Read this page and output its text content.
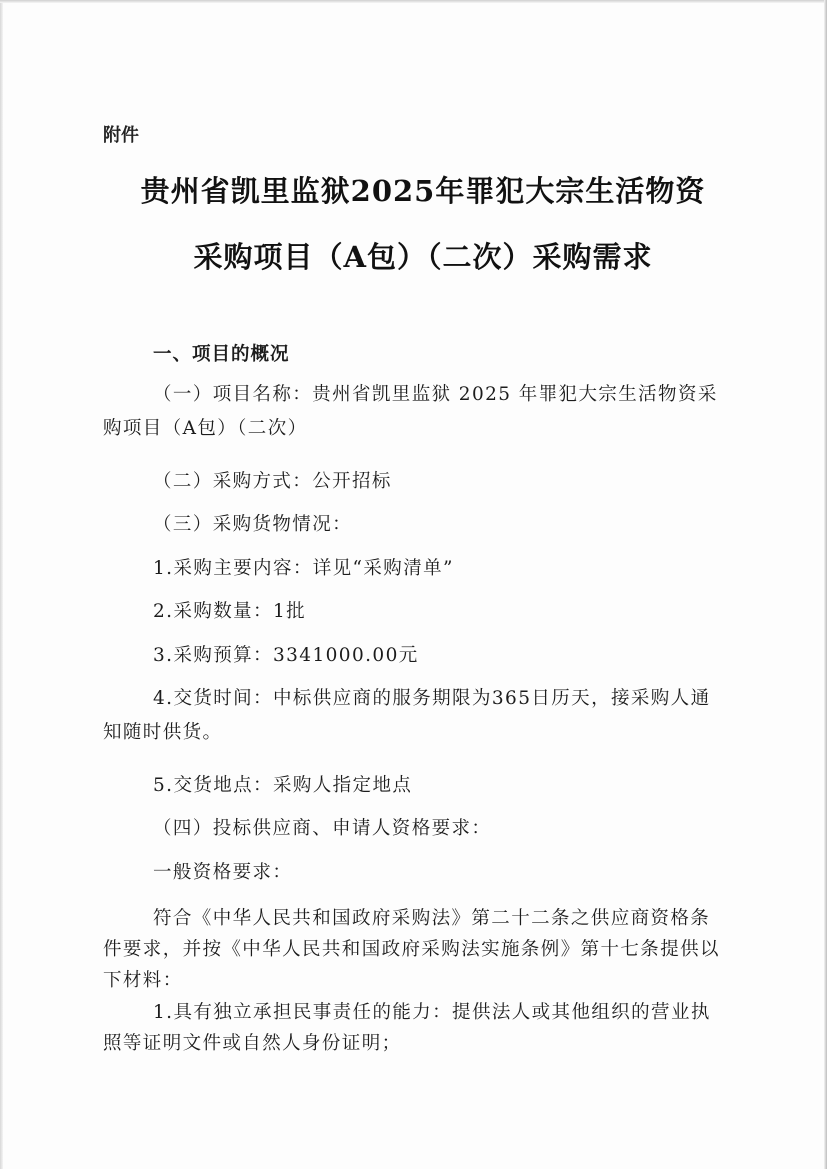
附件
贵州省凯里监狱2025年罪犯大宗生活物资
采购项目（A包）（二次）采购需求
一、项目的概况
（一）项目名称：贵州省凯里监狱 2025 年罪犯大宗生活物资采购项目（A包）（二次）
（二）采购方式：公开招标
（三）采购货物情况：
1.采购主要内容：详见“采购清单”
2.采购数量：1批
3.采购预算：3341000.00元
4.交货时间：中标供应商的服务期限为365日历天，接采购人通知随时供货。
5.交货地点：采购人指定地点
（四）投标供应商、申请人资格要求：
一般资格要求：
符合《中华人民共和国政府采购法》第二十二条之供应商资格条件要求，并按《中华人民共和国政府采购法实施条例》第十七条提供以下材料：
1.具有独立承担民事责任的能力：提供法人或其他组织的营业执照等证明文件或自然人身份证明；
